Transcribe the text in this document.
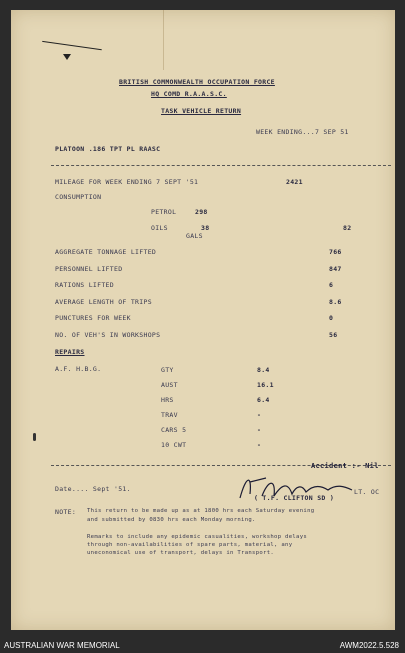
BRITISH COMMONWEALTH OCCUPATION FORCE
HQ COMD R.A.A.S.C.
TASK VEHICLE RETURN
WEEK ENDING...7 SEP 51
PLATOON .186 TPT PL RAASC
MILEAGE FOR WEEK ENDING 7 SEPT '51	2421
CONSUMPTION
PETROL	298
OILS	38	82
GALS
AGGREGATE TONNAGE LIFTED	766
PERSONNEL LIFTED	847
RATIONS LIFTED	6
AVERAGE LENGTH OF TRIPS	8.6
PUNCTURES FOR WEEK	0
NO. OF VEH'S IN WORKSHOPS	56
REPAIRS
A.F. H.B.G.	GTY	8.4
AUST	16.1
HRS	6.4
TRAV	-
CARS 5	-
10 CWT	-
Accident :- Nil
Date.... Sept '51.
( T.F. CLIFTON SD )
LT. OC
NOTE: This return to be made up as at 1800 hrs each Saturday evening
and submitted by 0830 hrs each Monday morning.
Remarks to include any epidemic casualities, workshop delays
through non-availabilities of spare parts, material, any
uneconomical use of transport, delays in Transport.
AUSTRALIAN WAR MEMORIAL	AWM2022.5.528
